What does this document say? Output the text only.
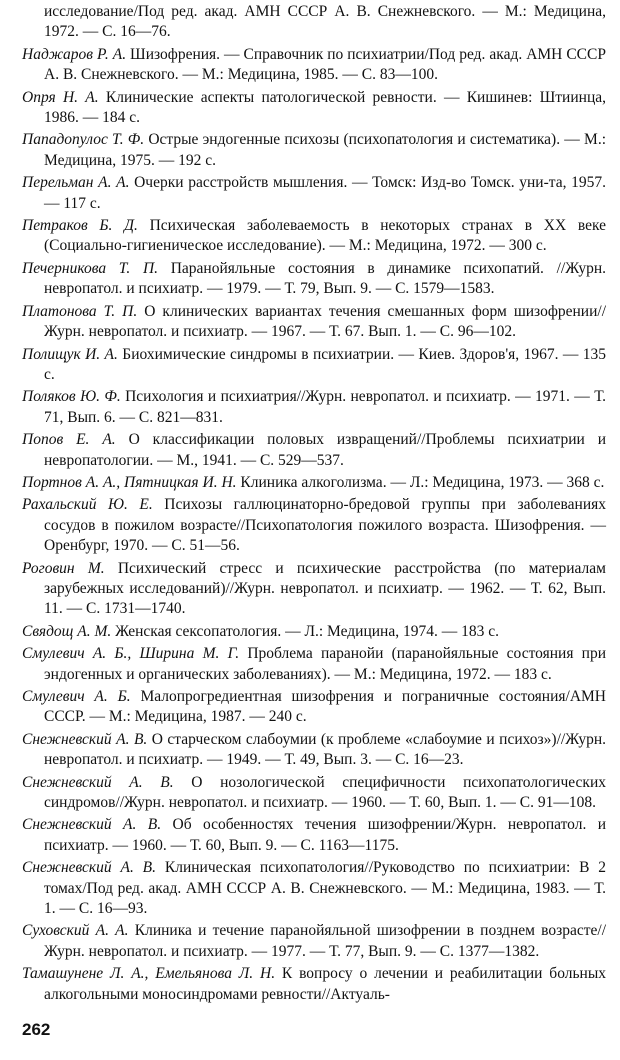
исследование/Под ред. акад. АМН СССР А. В. Снежневского. — М.: Медицина, 1972. — С. 16—76.

Наджаров Р. А. Шизофрения. — Справочник по психиатрии/Под ред. акад. АМН СССР А. В. Снежневского. — М.: Медицина, 1985. — С. 83—100.

Опря Н. А. Клинические аспекты патологической ревности. — Кишинев: Штиинца, 1986. — 184 с.

Пападопулос Т. Ф. Острые эндогенные психозы (психопатология и систематика). — М.: Медицина, 1975. — 192 с.

Перельман А. А. Очерки расстройств мышления. — Томск: Изд-во Томск. уни-та, 1957. — 117 с.

Петраков Б. Д. Психическая заболеваемость в некоторых странах в XX веке (Социально-гигиеническое исследование). — М.: Медицина, 1972. — 300 с.

Печерникова Т. П. Паранойяльные состояния в динамике психопатий. //Журн. невропатол. и психиатр. — 1979. — Т. 79, Вып. 9. — С. 1579—1583.

Платонова Т. П. О клинических вариантах течения смешанных форм шизофрении//Журн. невропатол. и психиатр. — 1967. — Т. 67. Вып. 1. — С. 96—102.

Полищук И. А. Биохимические синдромы в психиатрии. — Киев. Здоров'я, 1967. — 135 с.

Поляков Ю. Ф. Психология и психиатрия//Журн. невропатол. и психиатр. — 1971. — Т. 71, Вып. 6. — С. 821—831.

Попов Е. А. О классификации половых извращений//Проблемы психиатрии и невропатологии. — М., 1941. — С. 529—537.

Портнов А. А., Пятницкая И. Н. Клиника алкоголизма. — Л.: Медицина, 1973. — 368 с.

Рахальский Ю. Е. Психозы галлюцинаторно-бредовой группы при заболеваниях сосудов в пожилом возрасте//Психопатология пожилого возраста. Шизофрения. — Оренбург, 1970. — С. 51—56.

Роговин М. Психический стресс и психические расстройства (по материалам зарубежных исследований)//Журн. невропатол. и психиатр. — 1962. — Т. 62, Вып. 11. — С. 1731—1740.

Свядощ А. М. Женская сексопатология. — Л.: Медицина, 1974. — 183 с.

Смулевич А. Б., Ширина М. Г. Проблема паранойи (паранойяльные состояния при эндогенных и органических заболеваниях). — М.: Медицина, 1972. — 183 с.

Смулевич А. Б. Малопрогредиентная шизофрения и пограничные состояния/АМН СССР. — М.: Медицина, 1987. — 240 с.

Снежневский А. В. О старческом слабоумии (к проблеме «слабоумие и психоз»)//Журн. невропатол. и психиатр. — 1949. — Т. 49, Вып. 3. — С. 16—23.

Снежневский А. В. О нозологической специфичности психопатологических синдромов//Журн. невропатол. и психиатр. — 1960. — Т. 60, Вып. 1. — С. 91—108.

Снежневский А. В. Об особенностях течения шизофрении/Журн. невропатол. и психиатр. — 1960. — Т. 60, Вып. 9. — С. 1163—1175.

Снежневский А. В. Клиническая психопатология//Руководство по психиатрии: В 2 томах/Под ред. акад. АМН СССР А. В. Снежневского. — М.: Медицина, 1983. — Т. 1. — С. 16—93.

Суховский А. А. Клиника и течение паранойяльной шизофрении в позднем возрасте//Журн. невропатол. и психиатр. — 1977. — Т. 77, Вып. 9. — С. 1377—1382.

Тамашунене Л. А., Емельянова Л. Н. К вопросу о лечении и реабилитации больных алкогольными моносиндромами ревности//Актуаль-

262
